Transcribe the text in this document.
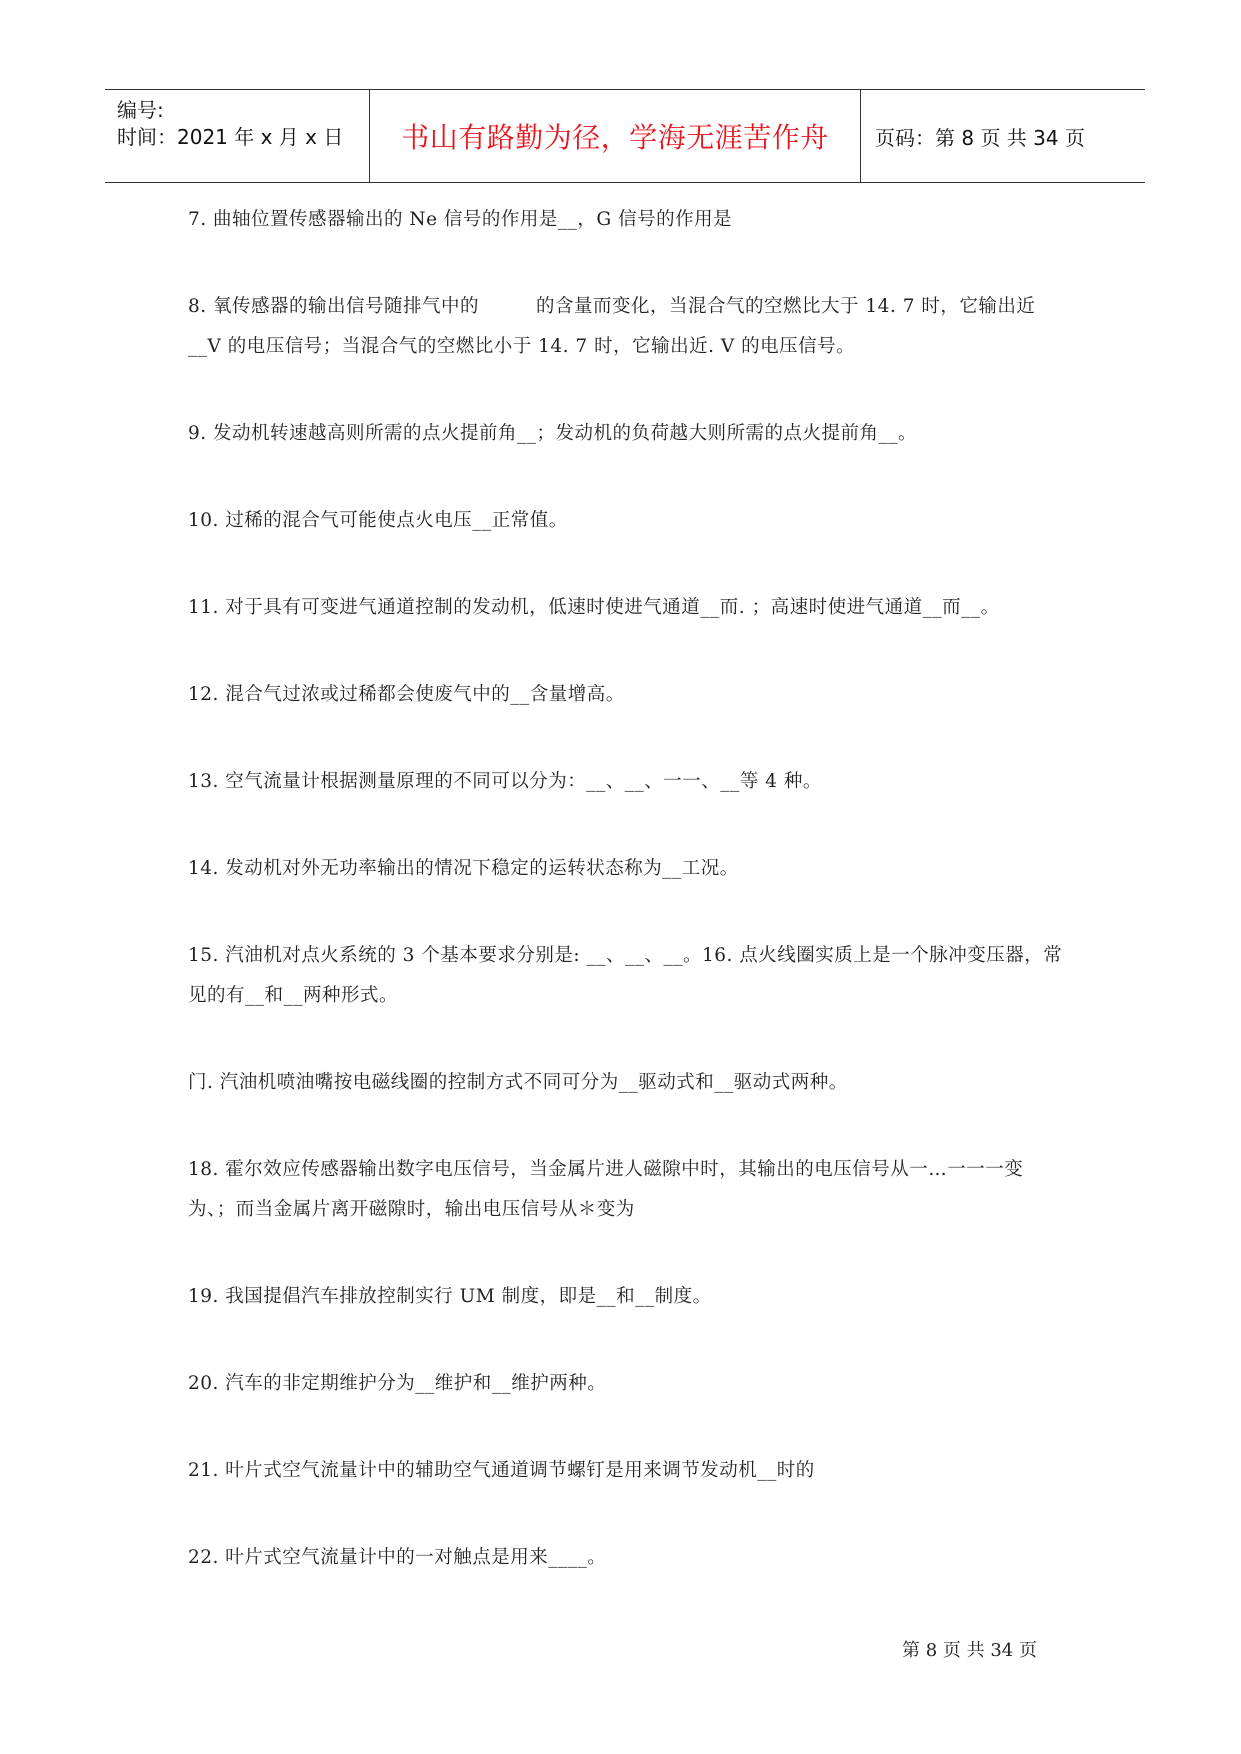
编号:
时间：2021 年 x 月 x 日	书山有路勤为径，学海无涯苦作舟	页码：第 8 页 共 34 页

7. 曲轴位置传感器输出的 Ne 信号的作用是__，G 信号的作用是

8. 氧传感器的输出信号随排气中的　　　的含量而变化，当混合气的空燃比大于 14. 7 时，它输出近__V 的电压信号；当混合气的空燃比小于 14. 7 时，它输出近. V 的电压信号。

9. 发动机转速越高则所需的点火提前角__；发动机的负荷越大则所需的点火提前角__。

10. 过稀的混合气可能使点火电压__正常值。

11. 对于具有可变进气通道控制的发动机，低速时使进气通道__而. ；高速时使进气通道__而__。

12. 混合气过浓或过稀都会使废气中的__含量增高。

13. 空气流量计根据测量原理的不同可以分为：__、__、一一、__等 4 种。

14. 发动机对外无功率输出的情况下稳定的运转状态称为__工况。

15. 汽油机对点火系统的 3 个基本要求分别是: __、__、__。16. 点火线圈实质上是一个脉冲变压器，常见的有__和__两种形式。

门. 汽油机喷油嘴按电磁线圈的控制方式不同可分为__驱动式和__驱动式两种。

18. 霍尔效应传感器输出数字电压信号，当金属片进人磁隙中时，其输出的电压信号从一…一一一变为、；而当金属片离开磁隙时，输出电压信号从＊变为

19. 我国提倡汽车排放控制实行 UM 制度，即是__和__制度。

20. 汽车的非定期维护分为__维护和__维护两种。

21. 叶片式空气流量计中的辅助空气通道调节螺钉是用来调节发动机__时的

22. 叶片式空气流量计中的一对触点是用来____。

第 8 页 共 34 页
